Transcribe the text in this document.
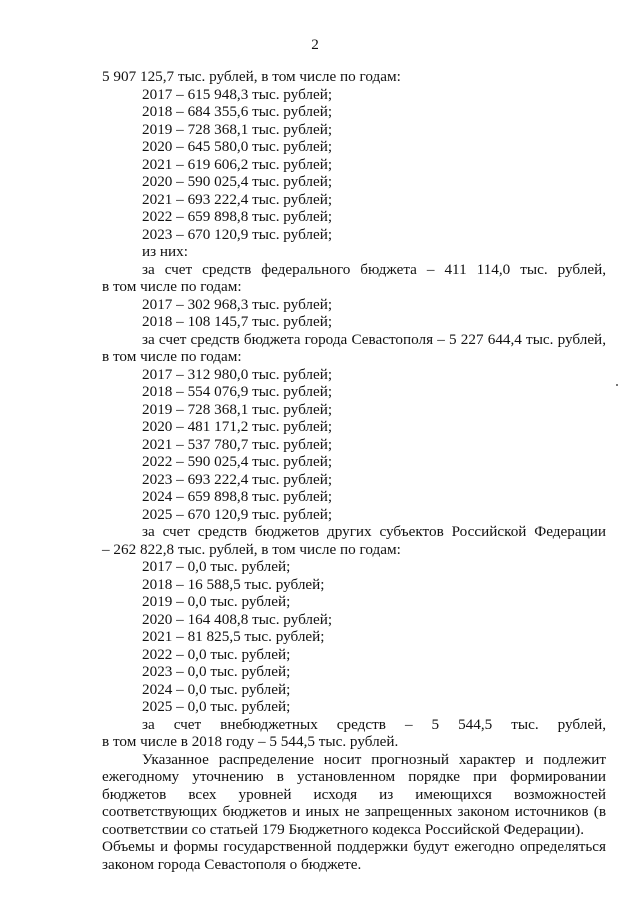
2
5 907 125,7 тыс. рублей, в том числе по годам:
2017 – 615 948,3 тыс. рублей;
2018 – 684 355,6 тыс. рублей;
2019 – 728 368,1 тыс. рублей;
2020 – 645 580,0 тыс. рублей;
2021 – 619 606,2 тыс. рублей;
2020 – 590 025,4 тыс. рублей;
2021 – 693 222,4 тыс. рублей;
2022 – 659 898,8 тыс. рублей;
2023 – 670 120,9 тыс. рублей;
из них:
за счет средств федерального бюджета – 411 114,0 тыс. рублей,
в том числе по годам:
2017 – 302 968,3 тыс. рублей;
2018 – 108 145,7 тыс. рублей;
за счет средств бюджета города Севастополя – 5 227 644,4 тыс. рублей,
в том числе по годам:
2017 – 312 980,0 тыс. рублей;
2018 – 554 076,9 тыс. рублей;
2019 – 728 368,1 тыс. рублей;
2020 – 481 171,2 тыс. рублей;
2021 – 537 780,7 тыс. рублей;
2022 – 590 025,4 тыс. рублей;
2023 – 693 222,4 тыс. рублей;
2024 – 659 898,8 тыс. рублей;
2025 – 670 120,9 тыс. рублей;
за счет средств бюджетов других субъектов Российской Федерации
– 262 822,8 тыс. рублей, в том числе по годам:
2017 – 0,0 тыс. рублей;
2018 – 16 588,5 тыс. рублей;
2019 – 0,0 тыс. рублей;
2020 – 164 408,8 тыс. рублей;
2021 – 81 825,5 тыс. рублей;
2022 – 0,0 тыс. рублей;
2023 – 0,0 тыс. рублей;
2024 – 0,0 тыс. рублей;
2025 – 0,0 тыс. рублей;
за счет внебюджетных средств – 5 544,5 тыс. рублей,
в том числе в 2018 году – 5 544,5 тыс. рублей.

Указанное распределение носит прогнозный характер и подлежит ежегодному уточнению в установленном порядке при формировании бюджетов всех уровней исходя из имеющихся возможностей соответствующих бюджетов и иных не запрещенных законом источников (в соответствии со статьей 179 Бюджетного кодекса Российской Федерации).

Объемы и формы государственной поддержки будут ежегодно определяться законом города Севастополя о бюджете.
